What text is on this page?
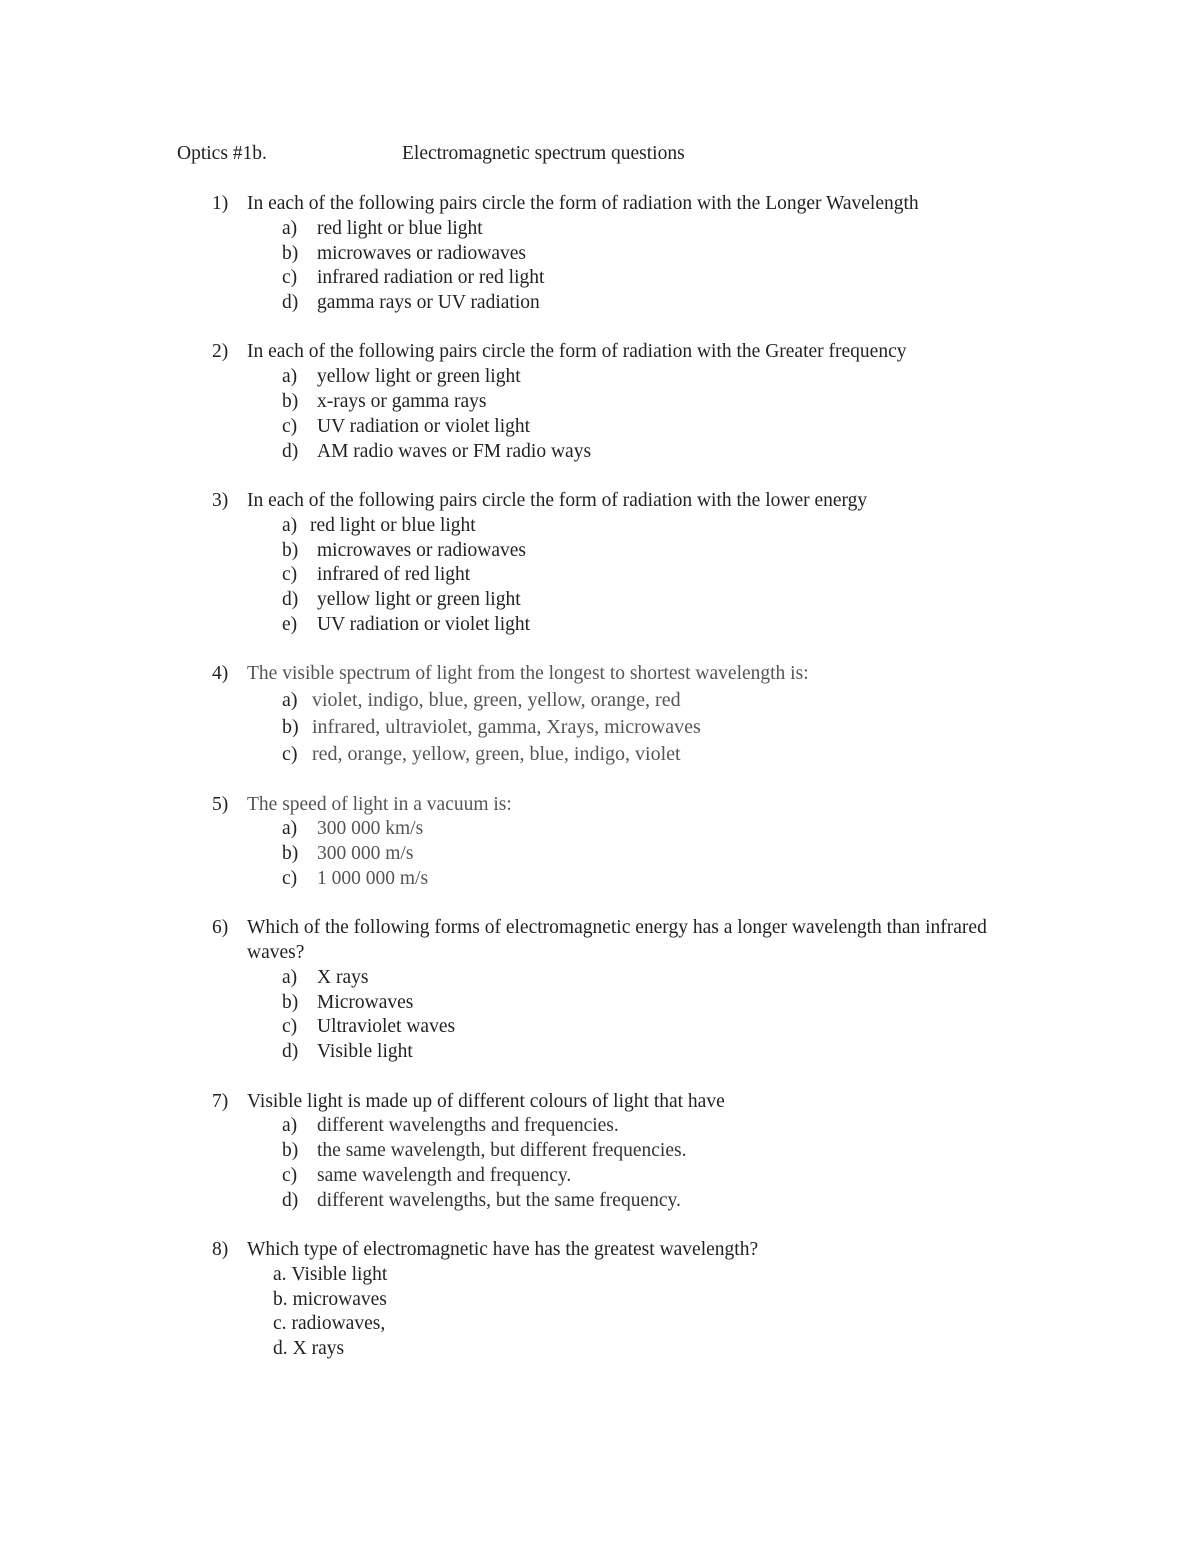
Optics #1b.	Electromagnetic spectrum questions
1) In each of the following pairs circle the form of radiation with the Longer Wavelength
a)	red light or blue light
b) microwaves or radiowaves
c)	infrared radiation or red light
d) gamma rays or UV radiation
2) In each of the following pairs circle the form of radiation with the Greater frequency
a)	yellow light or green light
b) x-rays or gamma rays
c)	UV radiation or violet light
d) AM radio waves or FM radio ways
3) In each of the following pairs circle the form of radiation with the lower energy
a) red light or blue light
b) microwaves or radiowaves
c)	infrared of red light
d) yellow light or green light
e)	UV radiation or violet light
4) The visible spectrum of light from the longest to shortest wavelength is:
a) violet, indigo, blue, green, yellow, orange, red
b) infrared, ultraviolet, gamma, Xrays, microwaves
c) red, orange, yellow, green, blue, indigo, violet
5) The speed of light in a vacuum is:
a)	300 000 km/s
b) 300 000 m/s
c)	1 000 000 m/s
6) Which of the following forms of electromagnetic energy has a longer wavelength than infrared waves?
a)	X rays
b) Microwaves
c)	Ultraviolet waves
d) Visible light
7) Visible light is made up of different colours of light that have
a)	different wavelengths and frequencies.
b) the same wavelength, but different frequencies.
c)	same wavelength and frequency.
d) different wavelengths, but the same frequency.
8) Which type of electromagnetic have has the greatest wavelength?
a. Visible light
b. microwaves
c. radiowaves,
d. X rays
